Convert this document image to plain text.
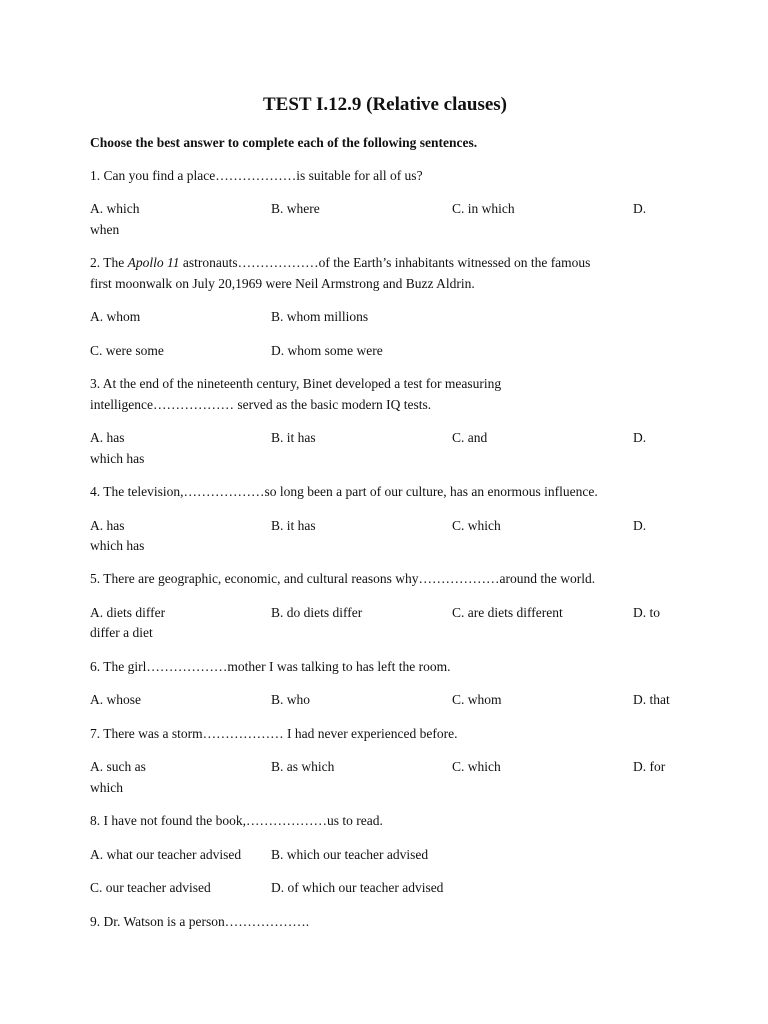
TEST I.12.9 (Relative clauses)
Choose the best answer to complete each of the following sentences.
1. Can you find a place………………is suitable for all of us?
A. which	B. where	C. in which	D.
when
2. The Apollo 11 astronauts………………of the Earth’s inhabitants witnessed on the famous
first moonwalk on July 20,1969 were Neil Armstrong and Buzz Aldrin.
A. whom	B. whom millions
C. were some	D. whom some were
3. At the end of the nineteenth century, Binet developed a test for measuring
intelligence……………… served as the basic modern IQ tests.
A. has	B. it has	C. and	D.
which has
4. The television,………………so long been a part of our culture, has an enormous influence.
A. has	B. it has	C. which	D.
which has
5. There are geographic, economic, and cultural reasons why………………around the world.
A. diets differ	B. do diets differ	C. are diets different	D. to
differ a diet
6. The girl………………mother I was talking to has left the room.
A. whose	B. who	C. whom	D. that
7. There was a storm……………… I had never experienced before.
A. such as	B. as which	C. which	D. for
which
8. I have not found the book,………………us to read.
A. what our teacher advised B. which our teacher advised
C. our teacher advised	D. of which our teacher advised
9. Dr. Watson is a person……………….
